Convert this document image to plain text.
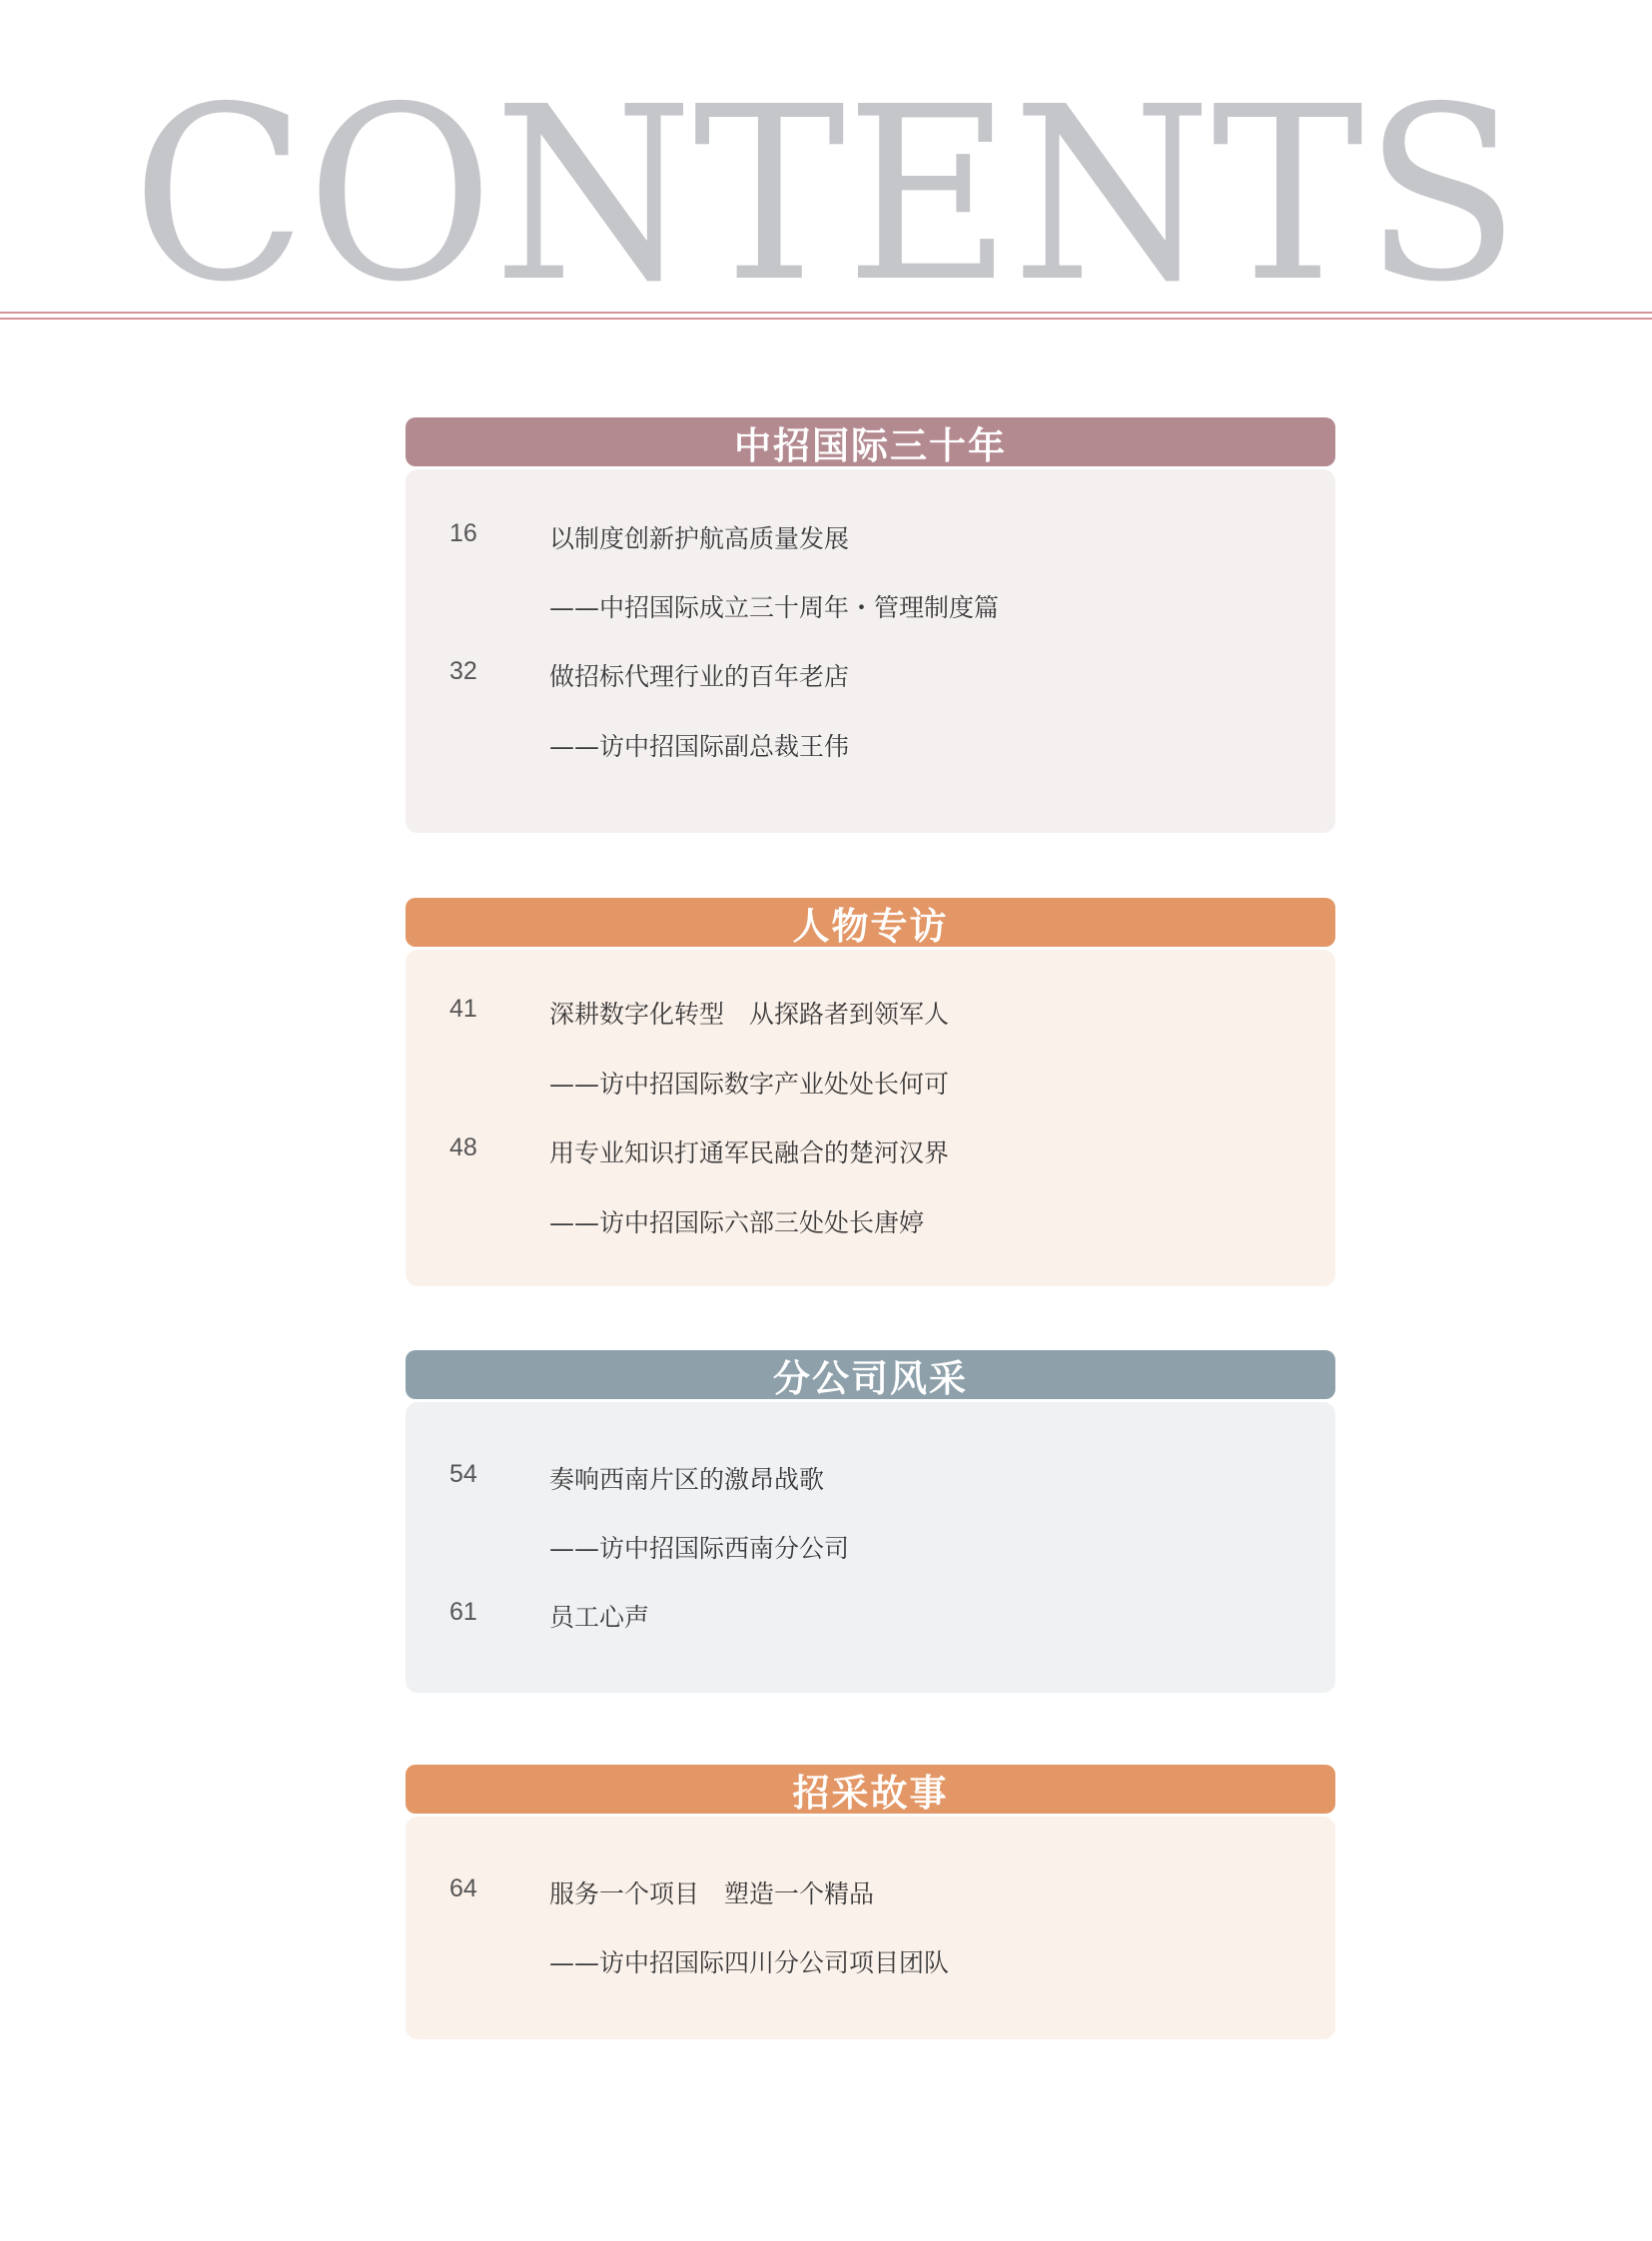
CONTENTS
中招国际三十年
16	以制度创新护航高质量发展
——中招国际成立三十周年・管理制度篇
32	做招标代理行业的百年老店
——访中招国际副总裁王伟
人物专访
41	深耕数字化转型　从探路者到领军人
——访中招国际数字产业处处长何可
48	用专业知识打通军民融合的楚河汉界
——访中招国际六部三处处长唐婷
分公司风采
54	奏响西南片区的激昂战歌
——访中招国际西南分公司
61	员工心声
招采故事
64	服务一个项目　塑造一个精品
——访中招国际四川分公司项目团队
